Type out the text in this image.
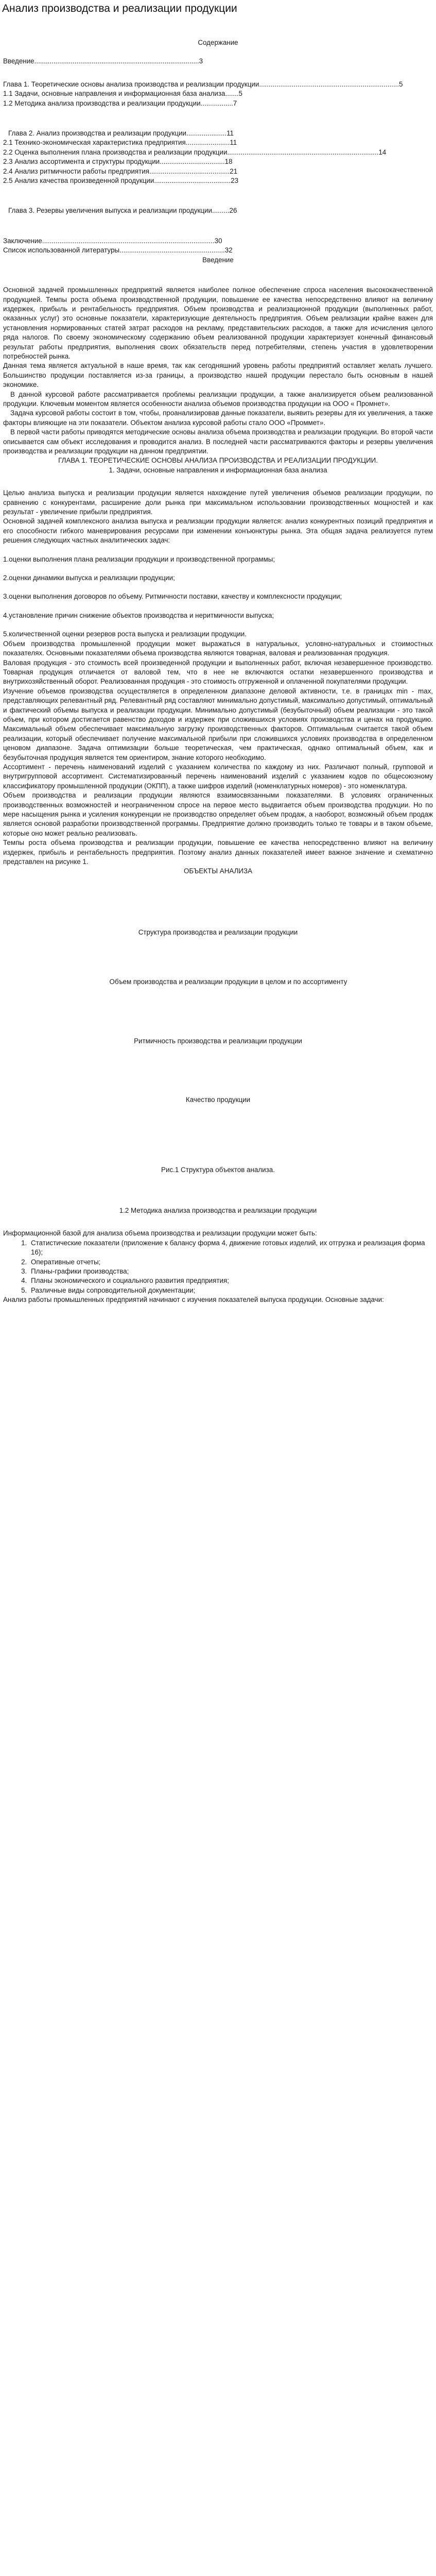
Анализ производства и реализации продукции
Содержание
Введение......................................................................................3
Глава 1. Теоретические основы анализа производства и реализации продукции.........................................................................5
1.1 Задачи, основные направления и информационная база анализа.......5
1.2 Методика анализа производства и реализации продукции.................7
Глава 2. Анализ производства и реализации продукции.....................11
2.1 Технико-экономическая характеристика предприятия.......................11
2.2 Оценка выполнения плана производства и реализации продукции...............................................................................14
2.3 Анализ ассортимента и структуры продукции..................................18
2.4 Анализ ритмичности работы предприятия..........................................21
2.5 Анализ качества произведенной продукции........................................23
Глава 3. Резервы увеличения выпуска и реализации продукции.........26
Заключение..........................................................................................30
Список использованной литературы.......................................................32
Введение

Основной задачей промышленных предприятий является наиболее полное обеспечение спроса населения высококачественной продукцией. Темпы роста объема производственной продукции, повышение ее качества непосредственно влияют на величину издержек, прибыль и рентабельность предприятия. Объем производства и реализационной продукции (выполненных работ, оказанных услуг) это основные показатели, характеризующие деятельность предприятия. Объем реализации крайне важен для установления нормированных статей затрат расходов на рекламу, представительских расходов, а также для исчисления целого ряда налогов. По своему экономическому содержанию объем реализованной продукции характеризует конечный финансовый результат работы предприятия, выполнения своих обязательств перед потребителями, степень участия в удовлетворении потребностей рынка.

Данная тема является актуальной в наше время, так как сегодняшний уровень работы предприятий оставляет желать лучшего. Большинство продукции поставляется из-за границы, а производство нашей продукции перестало быть основным в нашей экономике.

В данной курсовой работе рассматривается проблемы реализации продукции, а также анализируется объем реализованной продукции. Ключевым моментом является особенности анализа объемов производства продукции на ООО « Промнет».

Задача курсовой работы состоит в том, чтобы, проанализировав данные показатели, выявить резервы для их увеличения, а также факторы влияющие на эти показатели. Объектом анализа курсовой работы стало ООО «Проммет».

В первой части работы приводятся методические основы анализа объема производства и реализации продукции. Во второй части описывается сам объект исследования и проводится анализ. В последней части рассматриваются факторы и резервы увеличения производства и реализации продукции на данном предприятии.

ГЛАВА 1. ТЕОРЕТИЧЕСКИЕ ОСНОВЫ АНАЛИЗА ПРОИЗВОДСТВА И РЕАЛИЗАЦИИ ПРОДУКЦИИ.
1. Задачи, основные направления и информационная база анализа

Целью анализа выпуска и реализации продукции является нахождение путей увеличения объемов реализации продукции, по сравнению с конкурентами, расширение доли рынка при максимальном использовании производственных мощностей и как результат - увеличение прибыли предприятия.

Основной задачей комплексного анализа выпуска и реализации продукции является: анализ конкурентных позиций предприятия и его способности гибкого маневрирования ресурсами при изменении конъюнктуры рынка. Эта общая задача реализуется путем решения следующих частных аналитических задач:

1.оценки выполнения плана реализации продукции и производственной программы;

2.оценки динамики выпуска и реализации продукции;

3.оценки выполнения договоров по объему. Ритмичности поставки, качеству и комплексности продукции;

4.установление причин снижение объектов производства и неритмичности выпуска;

5.количественной оценки резервов роста выпуска и реализации продукции.

Объем производства промышленной продукции может выражаться в натуральных, условно-натуральных и стоимостных показателях. Основными показателями объема производства являются товарная, валовая и реализованная продукция.

Валовая продукция - это стоимость всей произведенной продукции и выполненных работ, включая незавершенное производство. Товарная продукция отличается от валовой тем, что в нее не включаются остатки незавершенного производства и внутрихозяйственный оборот. Реализованная продукция - это стоимость отгруженной и оплаченной покупателями продукции.

Изучение объемов производства осуществляется в определенном диапазоне деловой активности, т.е. в границах min - max, представляющих релевантный ряд. Релевантный ряд составляют минимально допустимый, максимально допустимый, оптимальный и фактический объемы выпуска и реализации продукции. Минимально допустимый (безубыточный) объем реализации - это такой объем, при котором достигается равенство доходов и издержек при сложившихся условиях производства и ценах на продукцию. Максимальный объем обеспечивает максимальную загрузку производственных факторов. Оптимальным считается такой объем реализации, который обеспечивает получение максимальной прибыли при сложившихся условиях производства в определенном ценовом диапазоне. Задача оптимизации больше теоретическая, чем практическая, однако оптимальный объем, как и безубыточная продукция является тем ориентиром, знание которого необходимо.

Ассортимент - перечень наименований изделий с указанием количества по каждому из них. Различают полный, групповой и внутригрупповой ассортимент. Систематизированный перечень наименований изделий с указанием кодов по общесоюзному классификатору промышленной продукции (ОКПП), а также шифров изделий (номенклатурных номеров) - это номенклатура.

Объем производства и реализации продукции являются взаимосвязанными показателями. В условиях ограниченных производственных возможностей и неограниченном спросе на первое место выдвигается объем производства продукции. Но по мере насыщения рынка и усиления конкуренции не производство определяет объем продаж, а наоборот, возможный объем продаж является основой разработки производственной программы. Предприятие должно производить только те товары и в таком объеме, которые оно может реально реализовать.

Темпы роста объема производства и реализации продукции, повышение ее качества непосредственно влияют на величину издержек, прибыль и рентабельность предприятия. Поэтому анализ данных показателей имеет важное значение и схематично представлен на рисунке 1.

ОБЪЕКТЫ АНАЛИЗА
Структура производства и реализации продукции
Объем производства и реализации продукции в целом и по ассортименту
Ритмичность производства и реализации продукции
Качество продукции
Рис.1 Структура объектов анализа.
1.2 Методика анализа производства и реализации продукции

Информационной базой для анализа объема производства и реализации продукции может быть:

1. Статистические показатели (приложение к балансу форма 4, движение готовых изделий, их отгрузка и реализация форма 16);
2. Оперативные отчеты;
3. Планы-графики производства;
4. Планы экономического и социального развития предприятия;
5. Различные виды сопроводительной документации;

Анализ работы промышленных предприятий начинают с изучения показателей выпуска продукции. Основные задачи:
